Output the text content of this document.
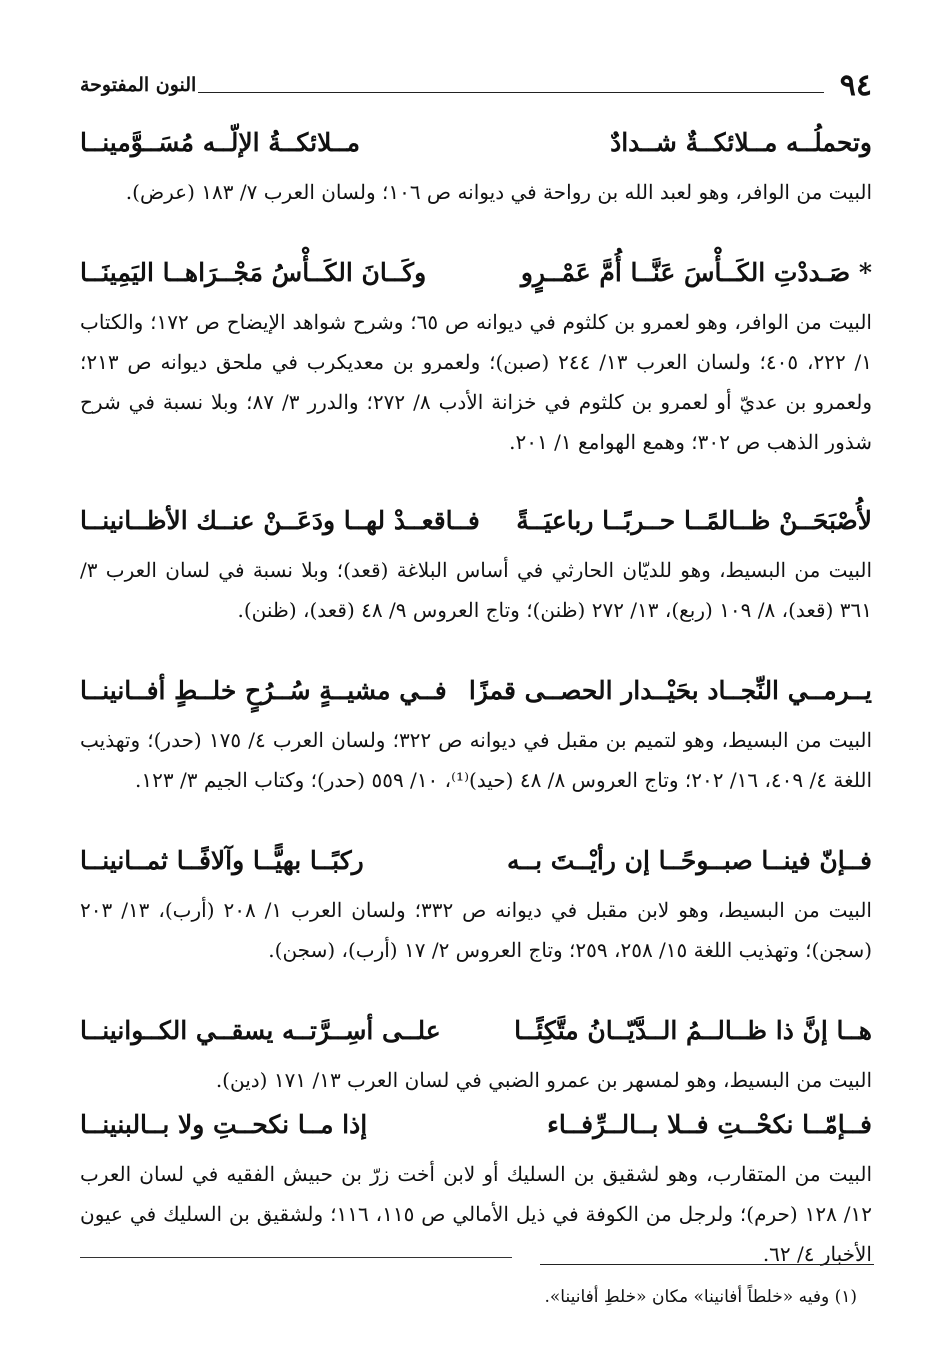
٩٤
النون المفتوحة
وتحملُــه مــلائكــةٌ شــدادٌ
مــلائكــةُ الإلّــه مُسَــوَّمينــا
البيت من الوافر، وهو لعبد الله بن رواحة في ديوانه ص ١٠٦؛ ولسان العرب ٧/ ١٨٣ (عرض).
* صَـددْتِ الكَــأْسَ عَنَّــا أُمَّ عَمْــرٍو
وكَــانَ الكَــأْسُ مَجْــرَاهــا اليَمِينَــا
البيت من الوافر، وهو لعمرو بن كلثوم في ديوانه ص ٦٥؛ وشرح شواهد الإيضاح ص ١٧٢؛ والكتاب ١/ ٢٢٢، ٤٠٥؛ ولسان العرب ١٣/ ٢٤٤ (صبن)؛ ولعمرو بن معديكرب في ملحق ديوانه ص ٢١٣؛ ولعمرو بن عديّ أو لعمرو بن كلثوم في خزانة الأدب ٨/ ٢٧٢؛ والدرر ٣/ ٨٧؛ وبلا نسبة في شرح شذور الذهب ص ٣٠٢؛ وهمع الهوامع ١/ ٢٠١.
لأُصْبَحَــنْ ظــالمًــا حــربًــا رباعيَــةً
فــاقعــدْ لهــا ودَعَــنْ عنــك الأظــانينــا
البيت من البسيط، وهو للديّان الحارثي في أساس البلاغة (قعد)؛ وبلا نسبة في لسان العرب ٣/ ٣٦١ (قعد)، ٨/ ١٠٩ (ربع)، ١٣/ ٢٧٢ (ظنن)؛ وتاج العروس ٩/ ٤٨ (قعد)، (ظنن).
يــرمــي النِّجــاد بحَيْــدار الحصــى قمزًا
فــي مشيــةٍ سُــرُحٍ خلــطٍ أفــانينــا
البيت من البسيط، وهو لتميم بن مقبل في ديوانه ص ٣٢٢؛ ولسان العرب ٤/ ١٧٥ (حدر)؛ وتهذيب اللغة ٤/ ٤٠٩، ١٦/ ٢٠٢؛ وتاج العروس ٨/ ٤٨ (حيد)⁽¹⁾، ١٠/ ٥٥٩ (حدر)؛ وكتاب الجيم ٣/ ١٢٣.
فــإنّ فينــا صبــوحًــا إن رأيْــتَ بــه
ركبًــا بهيًّــا وآلافًــا ثمــانينــا
البيت من البسيط، وهو لابن مقبل في ديوانه ص ٣٣٢؛ ولسان العرب ١/ ٢٠٨ (أرب)، ١٣/ ٢٠٣ (سجن)؛ وتهذيب اللغة ١٥/ ٢٥٨، ٢٥٩؛ وتاج العروس ٢/ ١٧ (أرب)، (سجن).
هــا إنَّ ذا ظــالــمُ الــدَّيّــانُ متَّكِئًــا
علــى أسِــرَّتــه يسقــي الكــوانينــا
البيت من البسيط، وهو لمسهر بن عمرو الضبي في لسان العرب ١٣/ ١٧١ (دين).
فــإمّــا نكحْــتِ فــلا بــالــرِّفــاء
إذا مــا نكحــتِ ولا بــالبنينــا
البيت من المتقارب، وهو لشقيق بن السليك أو لابن أخت زرّ بن حبيش الفقيه في لسان العرب ١٢/ ١٢٨ (حرم)؛ ولرجل من الكوفة في ذيل الأمالي ص ١١٥، ١١٦؛ ولشقيق بن السليك في عيون الأخبار ٤/ ٦٢.
(١) وفيه «خلطاً أفانينا» مكان «خلطِ أفانينا».
